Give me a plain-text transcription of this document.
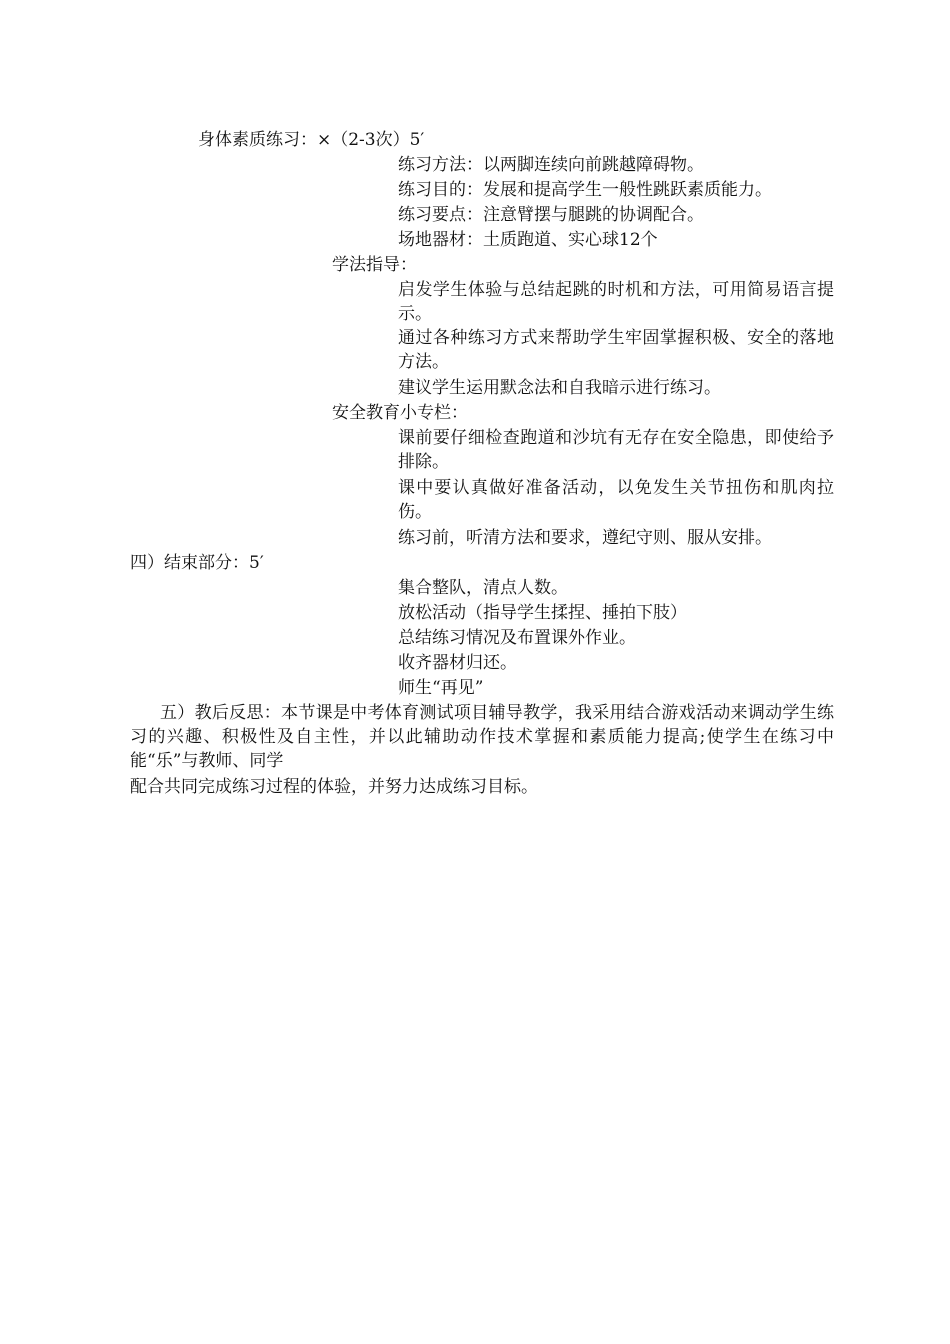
身体素质练习：×（2-3次）5′
练习方法：以两脚连续向前跳越障碍物。
练习目的：发展和提高学生一般性跳跃素质能力。
练习要点：注意臂摆与腿跳的协调配合。
场地器材：土质跑道、实心球12个
学法指导：
启发学生体验与总结起跳的时机和方法，可用简易语言提示。
通过各种练习方式来帮助学生牢固掌握积极、安全的落地方法。
建议学生运用默念法和自我暗示进行练习。
安全教育小专栏：
课前要仔细检查跑道和沙坑有无存在安全隐患，即使给予排除。
课中要认真做好准备活动，以免发生关节扭伤和肌肉拉伤。
练习前，听清方法和要求，遵纪守则、服从安排。
四）结束部分：5′
集合整队，清点人数。
放松活动（指导学生揉捏、捶拍下肢）
总结练习情况及布置课外作业。
收齐器材归还。
师生“再见”
五）教后反思：本节课是中考体育测试项目辅导教学，我采用结合游戏活动来调动学生练习的兴趣、积极性及自主性，并以此辅助动作技术掌握和素质能力提高;使学生在练习中能“乐”与教师、同学
配合共同完成练习过程的体验，并努力达成练习目标。
